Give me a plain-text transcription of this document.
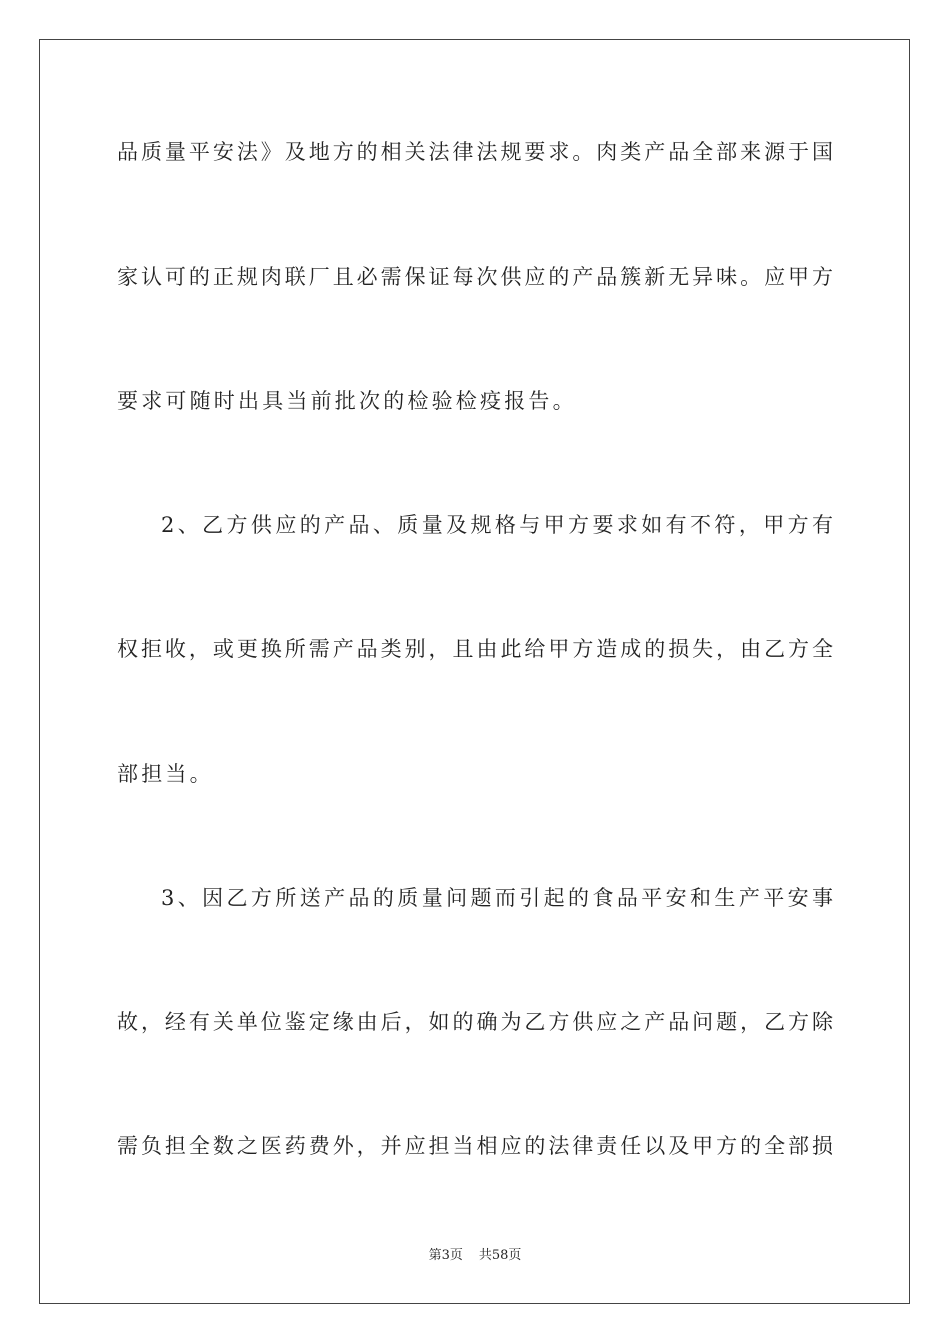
品质量平安法》及地方的相关法律法规要求。肉类产品全部来源于国
家认可的正规肉联厂且必需保证每次供应的产品簇新无异味。应甲方
要求可随时出具当前批次的检验检疫报告。
2、乙方供应的产品、质量及规格与甲方要求如有不符，甲方有
权拒收，或更换所需产品类别，且由此给甲方造成的损失，由乙方全
部担当。
3、因乙方所送产品的质量问题而引起的食品平安和生产平安事
故，经有关单位鉴定缘由后，如的确为乙方供应之产品问题，乙方除
需负担全数之医药费外，并应担当相应的法律责任以及甲方的全部损
第3页 共58页
